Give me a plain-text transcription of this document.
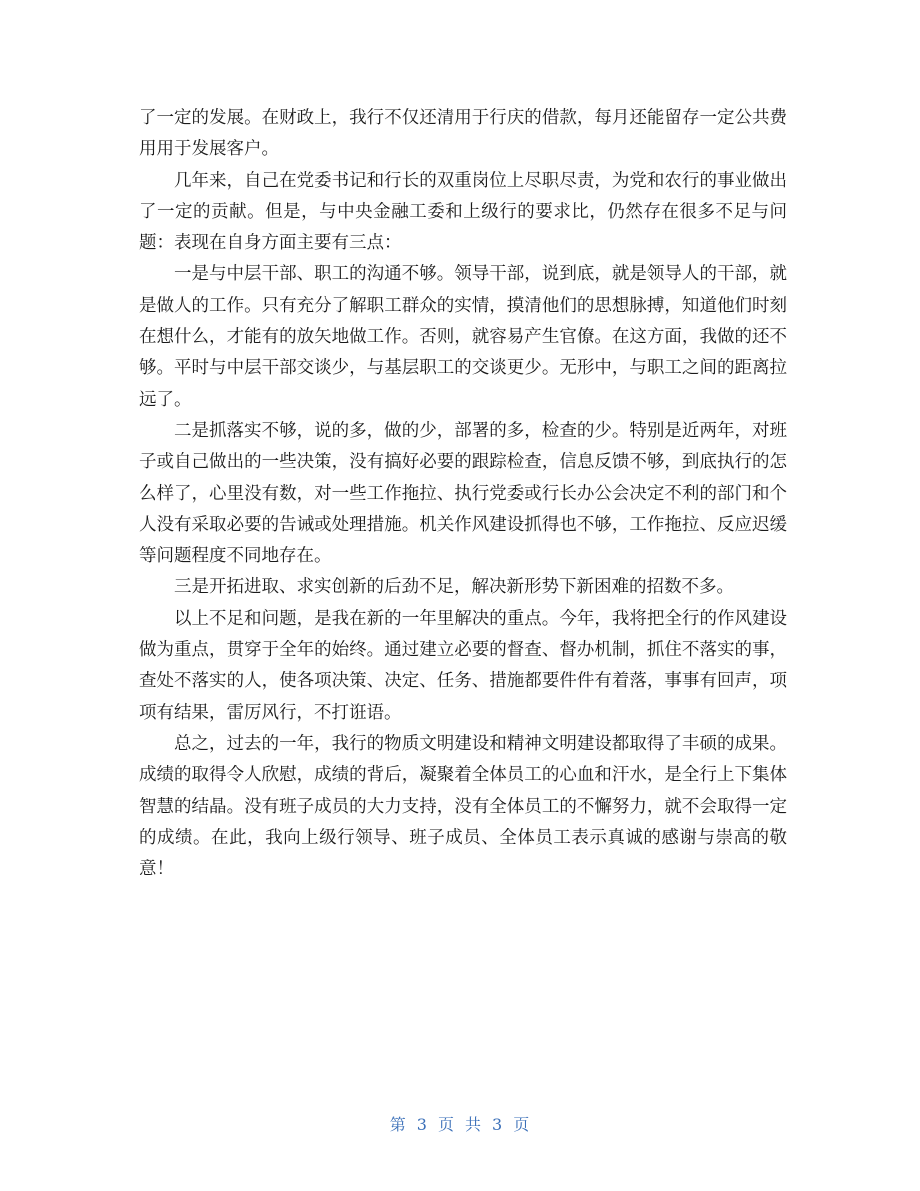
了一定的发展。在财政上，我行不仅还清用于行庆的借款，每月还能留存一定公共费用用于发展客户。

几年来，自己在党委书记和行长的双重岗位上尽职尽责，为党和农行的事业做出了一定的贡献。但是，与中央金融工委和上级行的要求比，仍然存在很多不足与问题：表现在自身方面主要有三点：

一是与中层干部、职工的沟通不够。领导干部，说到底，就是领导人的干部，就是做人的工作。只有充分了解职工群众的实情，摸清他们的思想脉搏，知道他们时刻在想什么，才能有的放矢地做工作。否则，就容易产生官僚。在这方面，我做的还不够。平时与中层干部交谈少，与基层职工的交谈更少。无形中，与职工之间的距离拉远了。

二是抓落实不够，说的多，做的少，部署的多，检查的少。特别是近两年，对班子或自己做出的一些决策，没有搞好必要的跟踪检查，信息反馈不够，到底执行的怎么样了，心里没有数，对一些工作拖拉、执行党委或行长办公会决定不利的部门和个人没有采取必要的告诫或处理措施。机关作风建设抓得也不够，工作拖拉、反应迟缓等问题程度不同地存在。

三是开拓进取、求实创新的后劲不足，解决新形势下新困难的招数不多。

以上不足和问题，是我在新的一年里解决的重点。今年，我将把全行的作风建设做为重点，贯穿于全年的始终。通过建立必要的督查、督办机制，抓住不落实的事，查处不落实的人，使各项决策、决定、任务、措施都要件件有着落，事事有回声，项项有结果，雷厉风行，不打诳语。

总之，过去的一年，我行的物质文明建设和精神文明建设都取得了丰硕的成果。成绩的取得令人欣慰，成绩的背后，凝聚着全体员工的心血和汗水，是全行上下集体智慧的结晶。没有班子成员的大力支持，没有全体员工的不懈努力，就不会取得一定的成绩。在此，我向上级行领导、班子成员、全体员工表示真诚的感谢与崇高的敬意！

第 3 页 共 3 页
